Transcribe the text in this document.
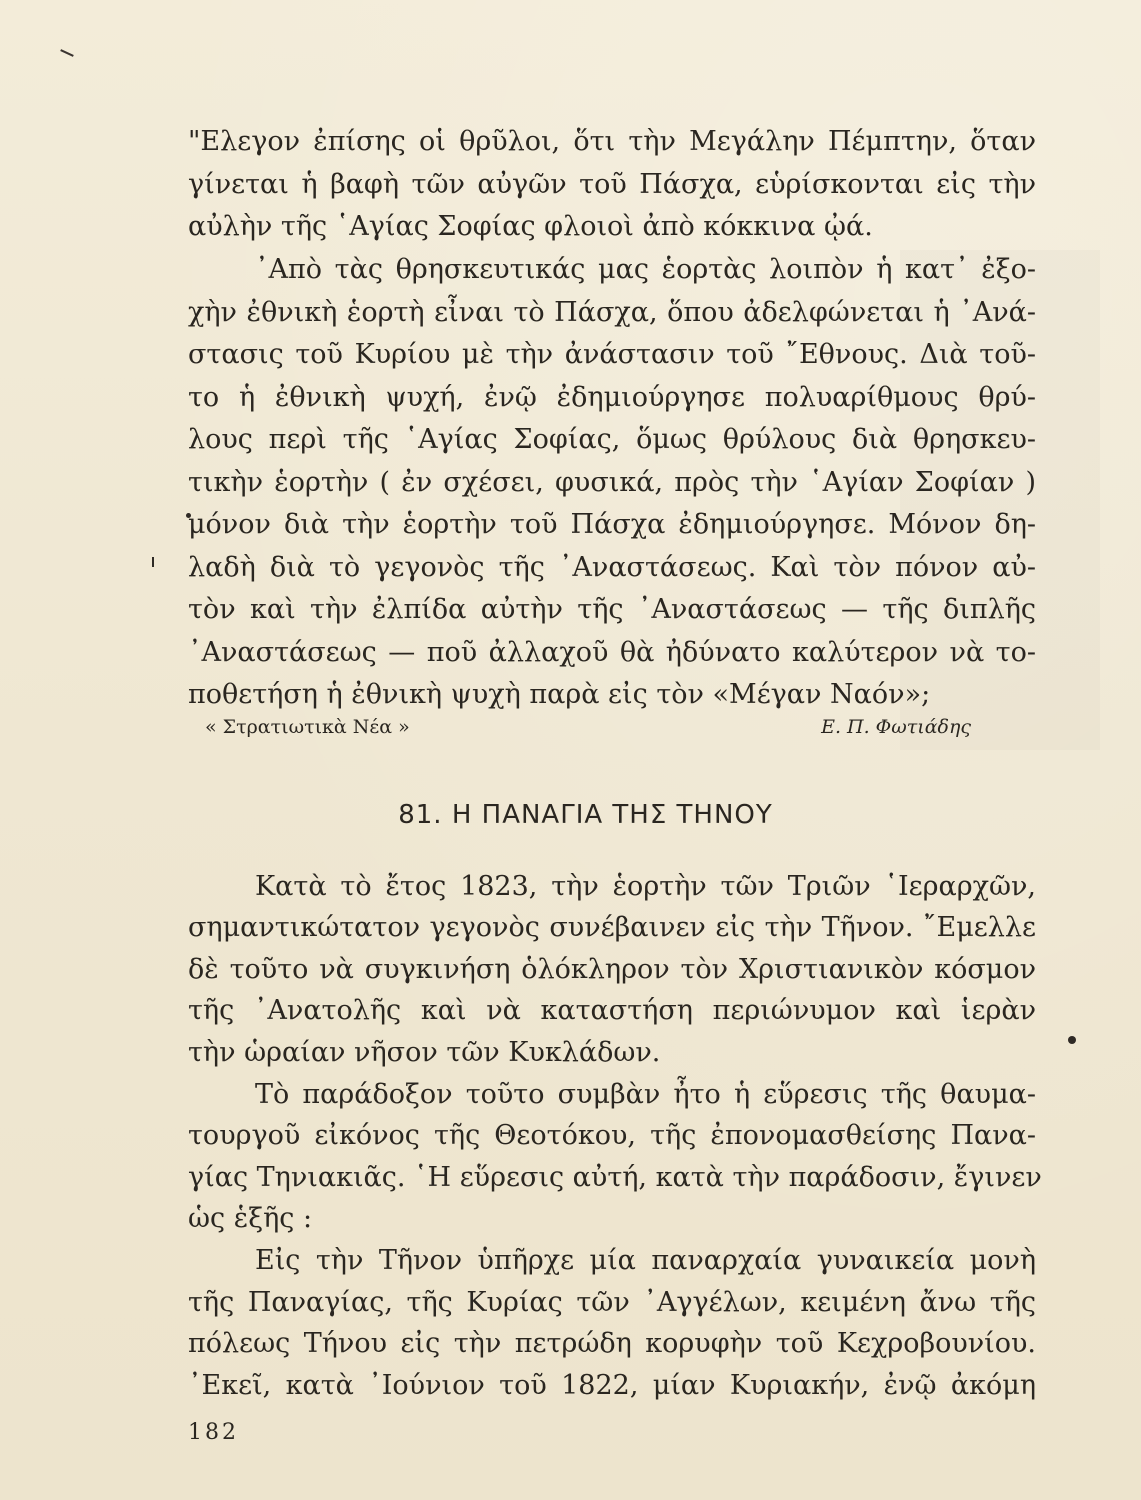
"Ελεγον ἐπίσης οἱ θρῦλοι, ὅτι τὴν Μεγάλην Πέμπτην, ὅταν
γίνεται ἡ βαφὴ τῶν αὐγῶν τοῦ Πάσχα, εὑρίσκονται εἰς τὴν
αὐλὴν τῆς ῾Αγίας Σοφίας φλοιοὶ ἀπὸ κόκκινα ᾠά.
᾿Απὸ τὰς θρησκευτικάς μας ἑορτὰς λοιπὸν ἡ κατ᾿ ἐξο-
χὴν ἐθνικὴ ἑορτὴ εἶναι τὸ Πάσχα, ὅπου ἀδελφώνεται ἡ ᾿Ανά-
στασις τοῦ Κυρίου μὲ τὴν ἀνάστασιν τοῦ ῎Εθνους. Διὰ τοῦ-
το ἡ ἐθνικὴ ψυχή, ἐνῷ ἐδημιούργησε πολυαρίθμους θρύ-
λους περὶ τῆς ῾Αγίας Σοφίας, ὅμως θρύλους διὰ θρησκευ-
τικὴν ἑορτὴν ( ἐν σχέσει, φυσικά, πρὸς τὴν ῾Αγίαν Σοφίαν )
μόνον διὰ τὴν ἑορτὴν τοῦ Πάσχα ἐδημιούργησε. Μόνον δη-
λαδὴ διὰ τὸ γεγονὸς τῆς ᾿Αναστάσεως. Καὶ τὸν πόνον αὐ-
τὸν καὶ τὴν ἐλπίδα αὐτὴν τῆς ᾿Αναστάσεως — τῆς διπλῆς
᾿Αναστάσεως — ποῦ ἀλλαχοῦ θὰ ἠδύνατο καλύτερον νὰ το-
ποθετήση ἡ ἐθνικὴ ψυχὴ παρὰ εἰς τὸν «Μέγαν Ναόν»;
« Στρατιωτικὰ Νέα »	Ε. Π. Φωτιάδης
81. Η ΠΑΝΑΓΙΑ ΤΗΣ ΤΗΝΟΥ
Κατὰ τὸ ἔτος 1823, τὴν ἑορτὴν τῶν Τριῶν ῾Ιεραρχῶν,
σημαντικώτατον γεγονὸς συνέβαινεν εἰς τὴν Τῆνον. ῎Εμελλε
δὲ τοῦτο νὰ συγκινήση ὁλόκληρον τὸν Χριστιανικὸν κόσμον
τῆς ᾿Ανατολῆς καὶ νὰ καταστήση περιώνυμον καὶ ἱερὰν
τὴν ὡραίαν νῆσον τῶν Κυκλάδων.
Τὸ παράδοξον τοῦτο συμβὰν ἦτο ἡ εὕρεσις τῆς θαυμα-
τουργοῦ εἰκόνος τῆς Θεοτόκου, τῆς ἐπονομασθείσης Πανα-
γίας Τηνιακιᾶς. ῾Η εὕρεσις αὐτή, κατὰ τὴν παράδοσιν, ἔγινεν
ὡς ἑξῆς :
Εἰς τὴν Τῆνον ὑπῆρχε μία παναρχαία γυναικεία μονὴ
τῆς Παναγίας, τῆς Κυρίας τῶν ᾿Αγγέλων, κειμένη ἄνω τῆς
πόλεως Τήνου εἰς τὴν πετρώδη κορυφὴν τοῦ Κεχροβουνίου.
᾿Εκεῖ, κατὰ ᾿Ιούνιον τοῦ 1822, μίαν Κυριακήν, ἐνῷ ἀκόμη
182
